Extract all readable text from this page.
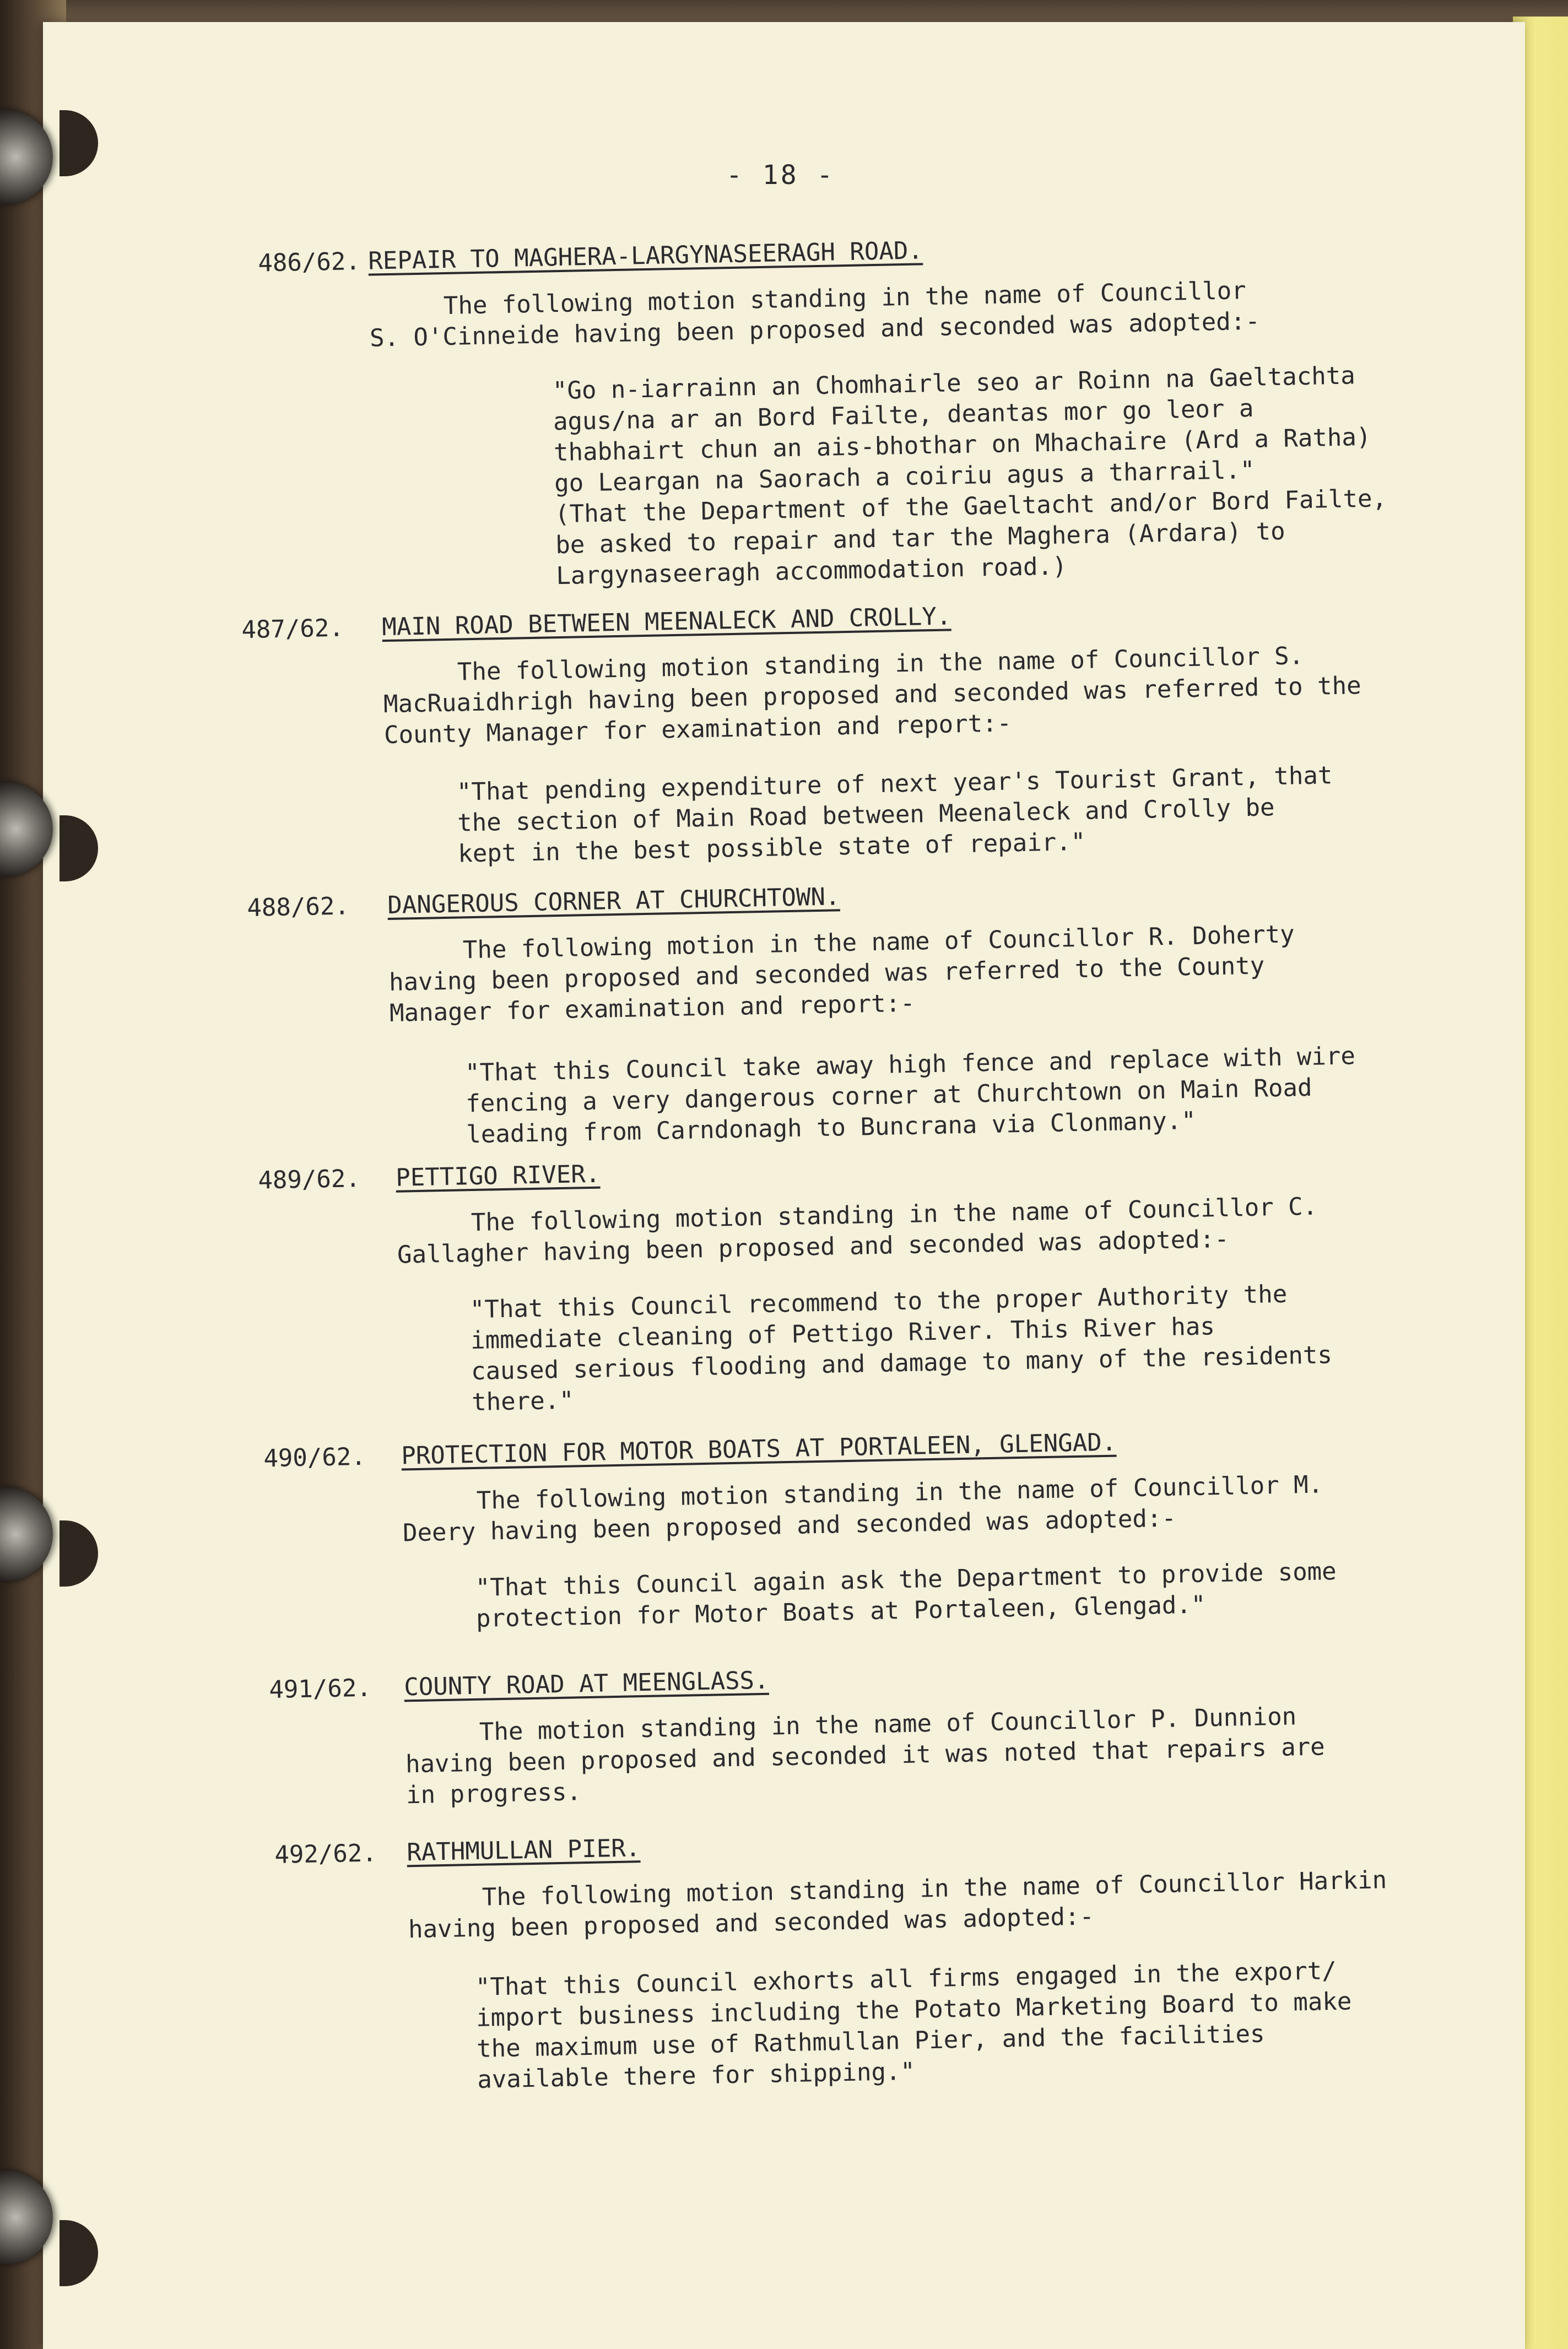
- 18 -
486/62. REPAIR TO MAGHERA-LARGYNASEERAGH ROAD.
The following motion standing in the name of Councillor
S. O'Cinneide having been proposed and seconded was adopted:-
"Go n-iarrainn an Chomhairle seo ar Roinn na Gaeltachta
agus/na ar an Bord Failte, deantas mor go leor a
thabhairt chun an ais-bhothar on Mhachaire (Ard a Ratha)
go Leargan na Saorach a coiriu agus a tharrail."
(That the Department of the Gaeltacht and/or Bord Failte,
be asked to repair and tar the Maghera (Ardara) to
Largynaseeragh accommodation road.)
487/62. MAIN ROAD BETWEEN MEENALECK AND CROLLY.
The following motion standing in the name of Councillor S.
MacRuaidhrigh having been proposed and seconded was referred to the
County Manager for examination and report:-
"That pending expenditure of next year's Tourist Grant, that
the section of Main Road between Meenaleck and Crolly be
kept in the best possible state of repair."
488/62. DANGEROUS CORNER AT CHURCHTOWN.
The following motion in the name of Councillor R. Doherty
having been proposed and seconded was referred to the County
Manager for examination and report:-
"That this Council take away high fence and replace with wire
fencing a very dangerous corner at Churchtown on Main Road
leading from Carndonagh to Buncrana via Clonmany."
489/62. PETTIGO RIVER.
The following motion standing in the name of Councillor C.
Gallagher having been proposed and seconded was adopted:-
"That this Council recommend to the proper Authority the
immediate cleaning of Pettigo River. This River has
caused serious flooding and damage to many of the residents
there."
490/62. PROTECTION FOR MOTOR BOATS AT PORTALEEN, GLENGAD.
The following motion standing in the name of Councillor M.
Deery having been proposed and seconded was adopted:-
"That this Council again ask the Department to provide some
protection for Motor Boats at Portaleen, Glengad."
491/62. COUNTY ROAD AT MEENGLASS.
The motion standing in the name of Councillor P. Dunnion
having been proposed and seconded it was noted that repairs are
in progress.
492/62. RATHMULLAN PIER.
The following motion standing in the name of Councillor Harkin
having been proposed and seconded was adopted:-
"That this Council exhorts all firms engaged in the export/
import business including the Potato Marketing Board to make
the maximum use of Rathmullan Pier, and the facilities
available there for shipping."
